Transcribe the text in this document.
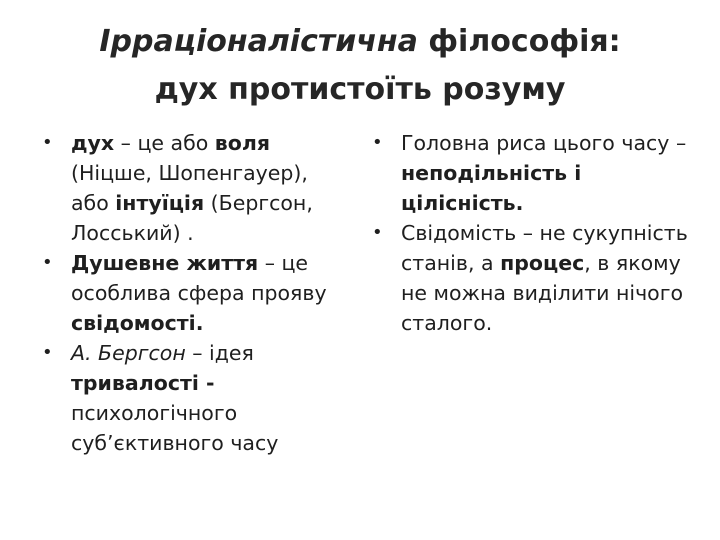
Ірраціоналістична філософія:
дух протистоїть розуму
• дух – це або воля (Ніцше, Шопенгауер), або інтуїція (Бергсон, Лосський) .
• Душевне життя – це особлива сфера прояву свідомості.
• А. Бергсон – ідея тривалості - психологічного суб’єктивного часу
• Головна риса цього часу – неподільність і цілісність.
• Свідомість – не сукупність станів, а процес, в якому не можна виділити нічого сталого.
